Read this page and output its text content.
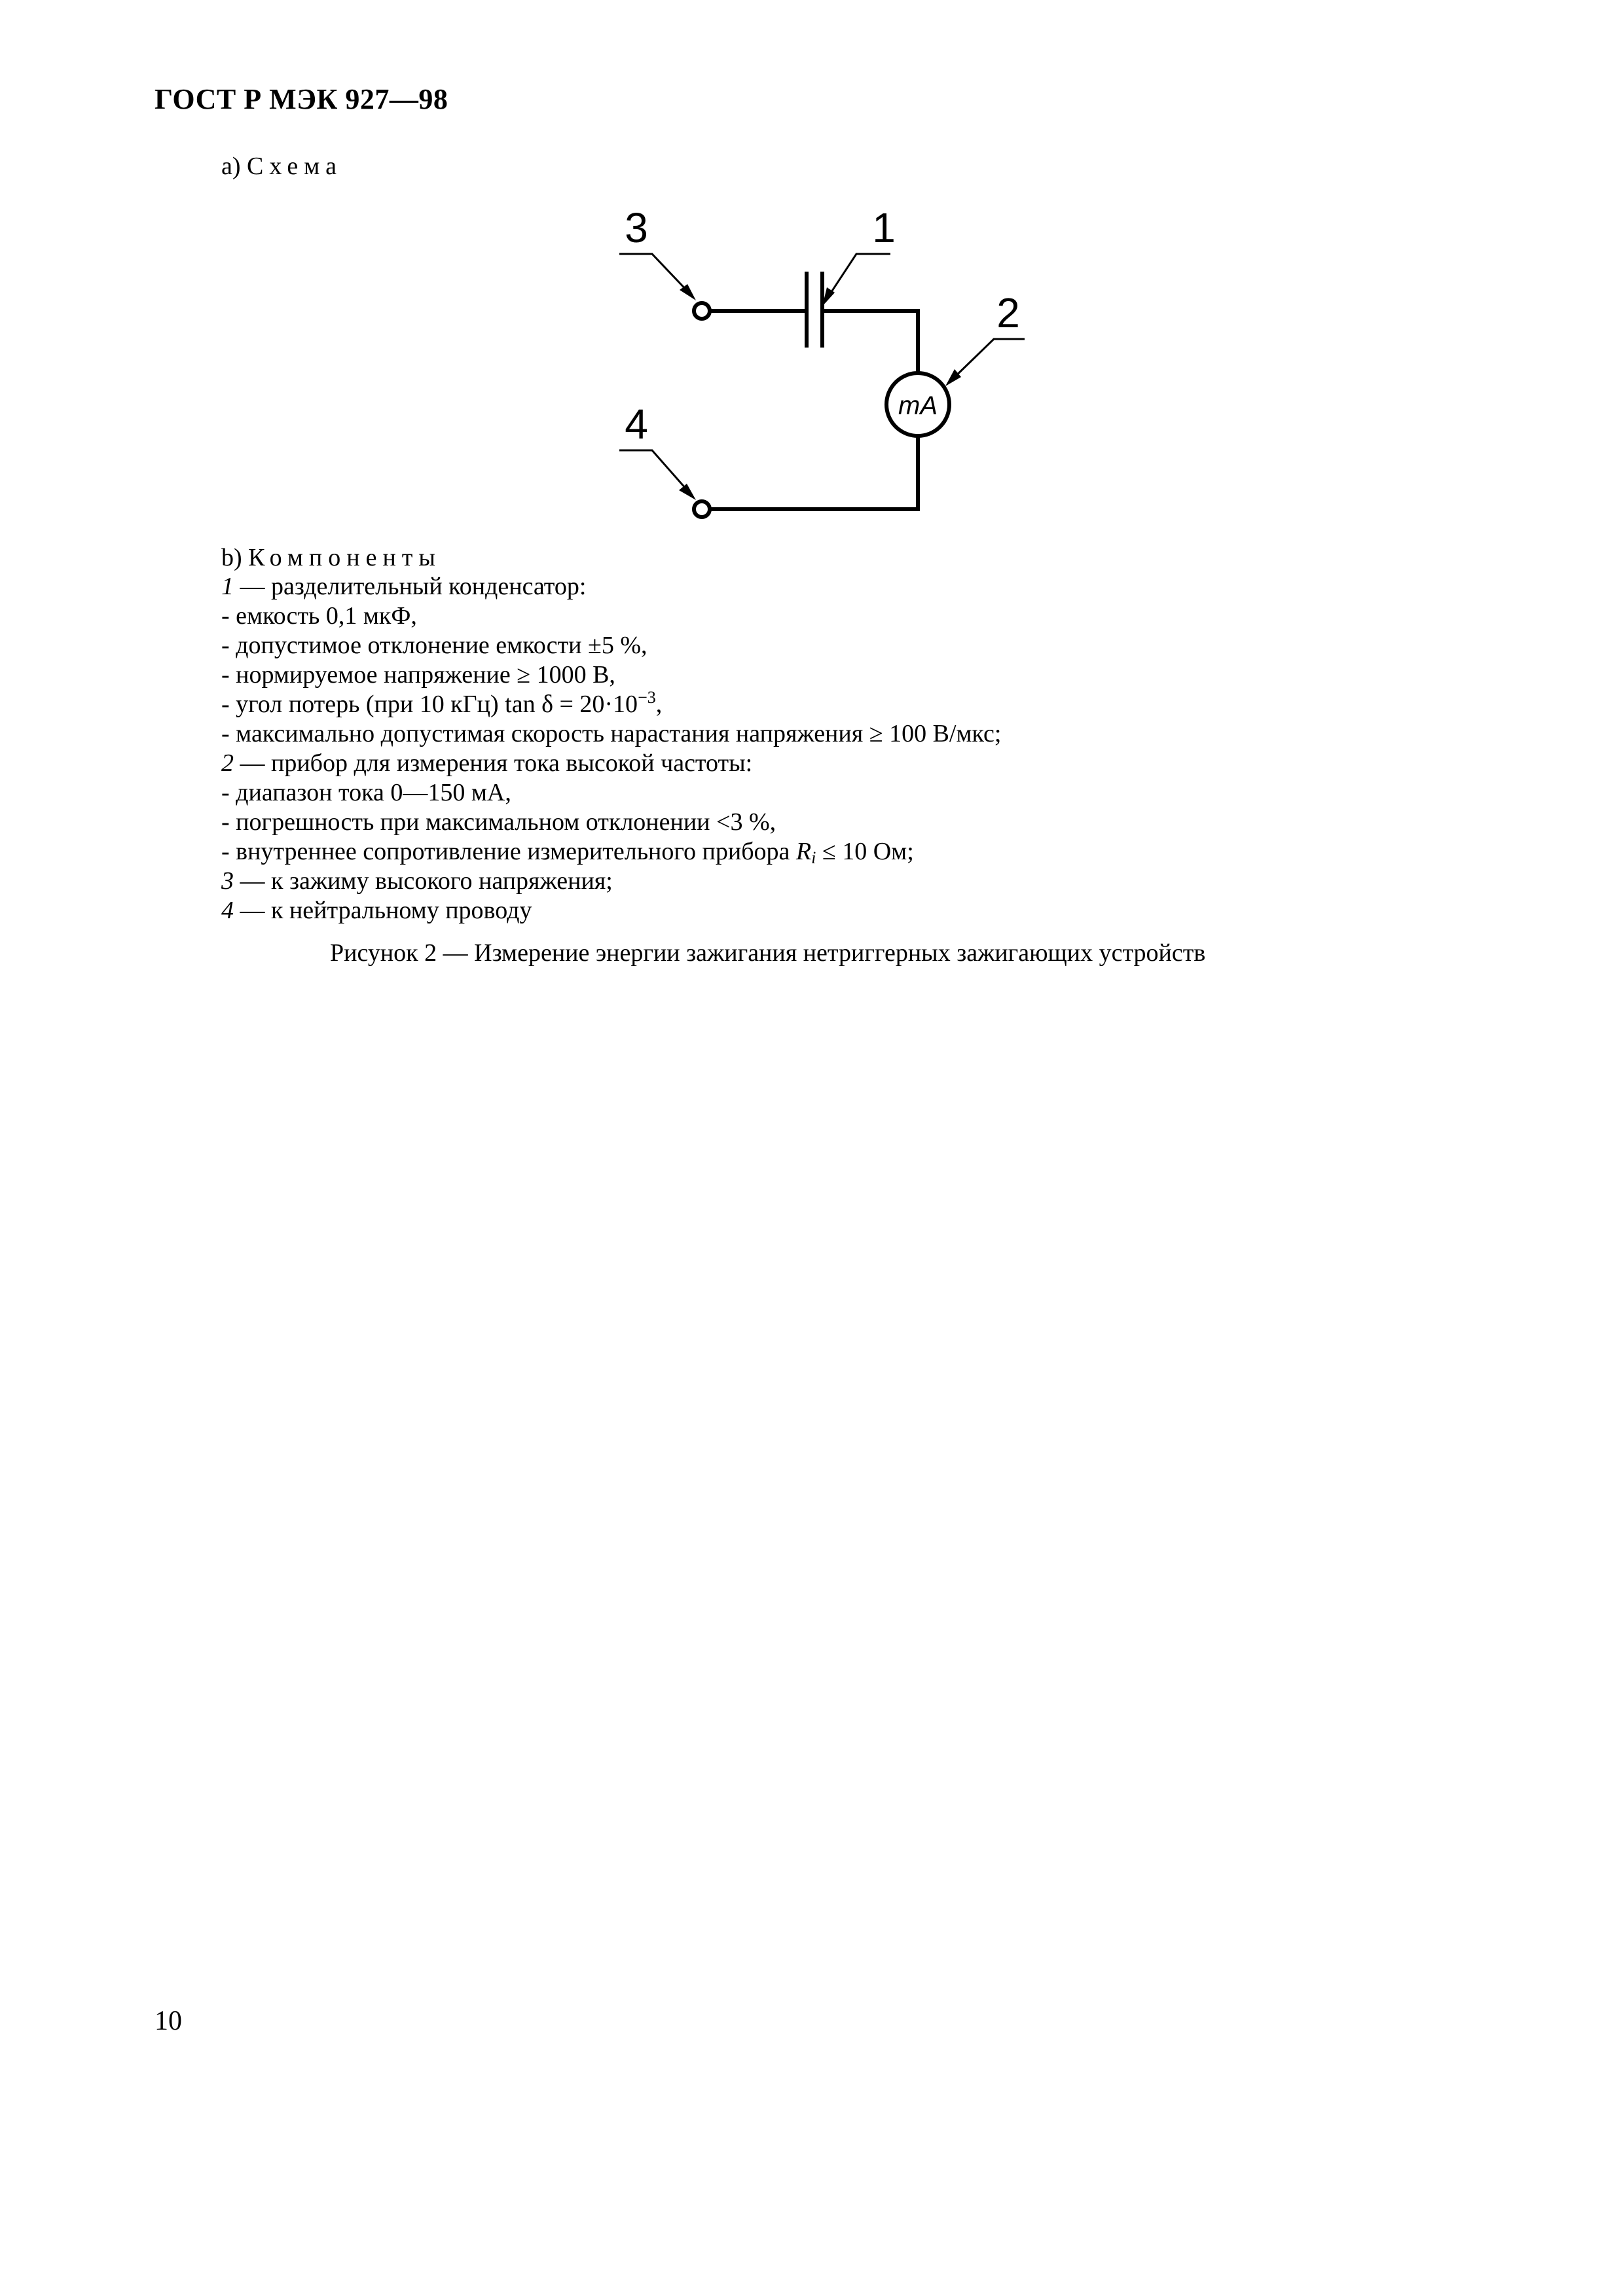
ГОСТ Р МЭК 927—98
а) Схема
mA
3	1
2
4
b) Компоненты
1 — разделительный конденсатор:
- емкость 0,1 мкФ,
- допустимое отклонение емкости ±5 %,
- нормируемое напряжение ≥ 1000 В,
- угол потерь (при 10 кГц) $\tan \delta = 20\cdot 10^{-3}$,
- максимально допустимая скорость нарастания напряжения ≥ 100 В/мкс;
2 — прибор для измерения тока высокой частоты:
- диапазон тока 0—150 мА,
- погрешность при максимальном отклонении <3 %,
- внутреннее сопротивление измерительного прибора $R_i \le 10$ Ом;
3 — к зажиму высокого напряжения;
4 — к нейтральному проводу
Рисунок 2 — Измерение энергии зажигания нетриггерных зажигающих устройств
10
